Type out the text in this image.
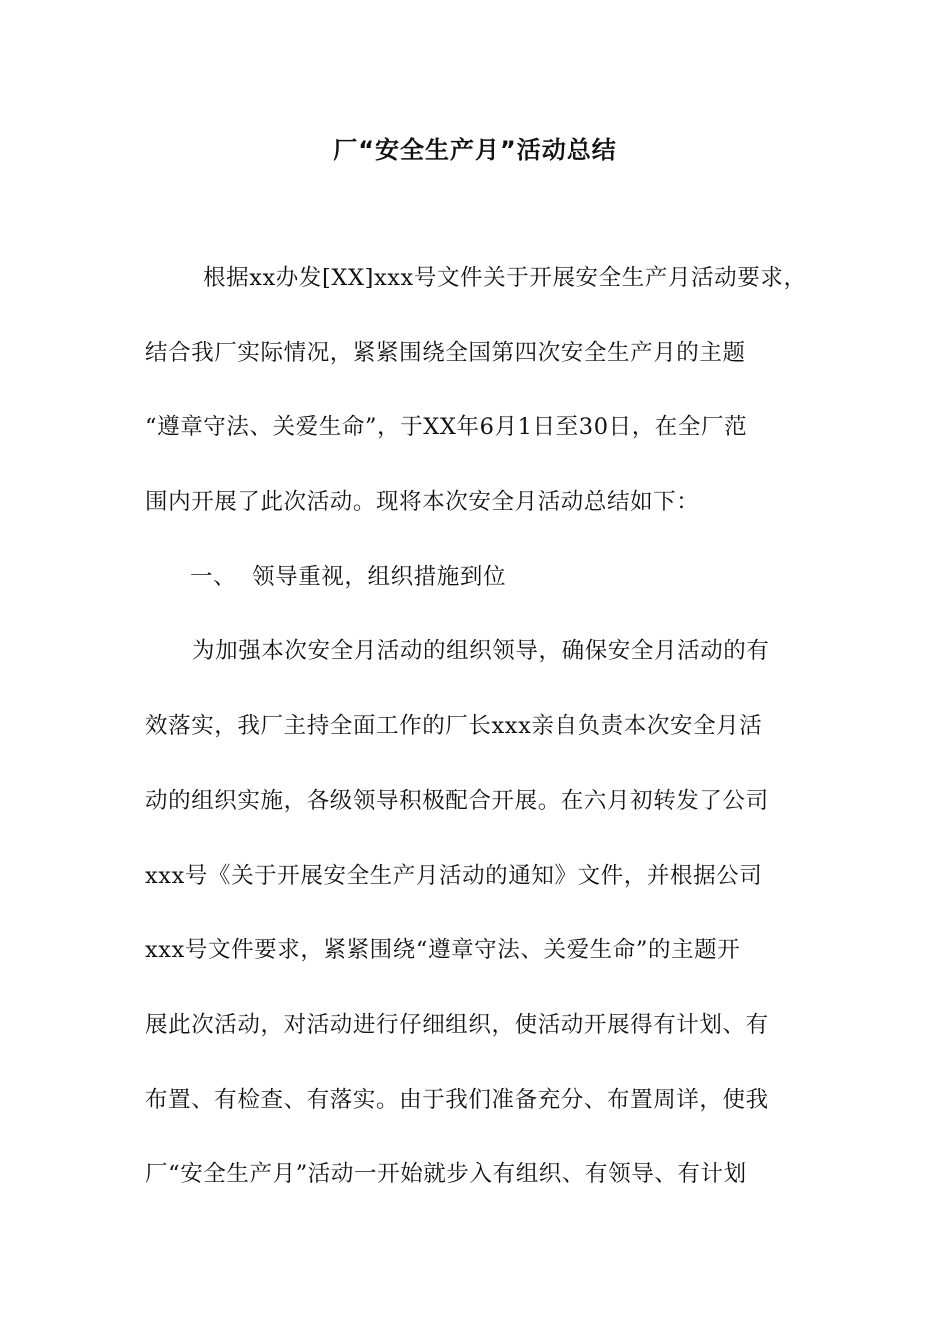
厂“安全生产月”活动总结
根据xx办发[XX]xxx号文件关于开展安全生产月活动要求，
结合我厂实际情况，紧紧围绕全国第四次安全生产月的主题
“遵章守法、关爱生命”，于XX年6月1日至30日，在全厂范
围内开展了此次活动。现将本次安全月活动总结如下：
一、 领导重视，组织措施到位
为加强本次安全月活动的组织领导，确保安全月活动的有
效落实，我厂主持全面工作的厂长xxx亲自负责本次安全月活
动的组织实施，各级领导积极配合开展。在六月初转发了公司
xxx号《关于开展安全生产月活动的通知》文件，并根据公司
xxx号文件要求，紧紧围绕“遵章守法、关爱生命”的主题开
展此次活动，对活动进行仔细组织，使活动开展得有计划、有
布置、有检查、有落实。由于我们准备充分、布置周详，使我
厂“安全生产月”活动一开始就步入有组织、有领导、有计划
